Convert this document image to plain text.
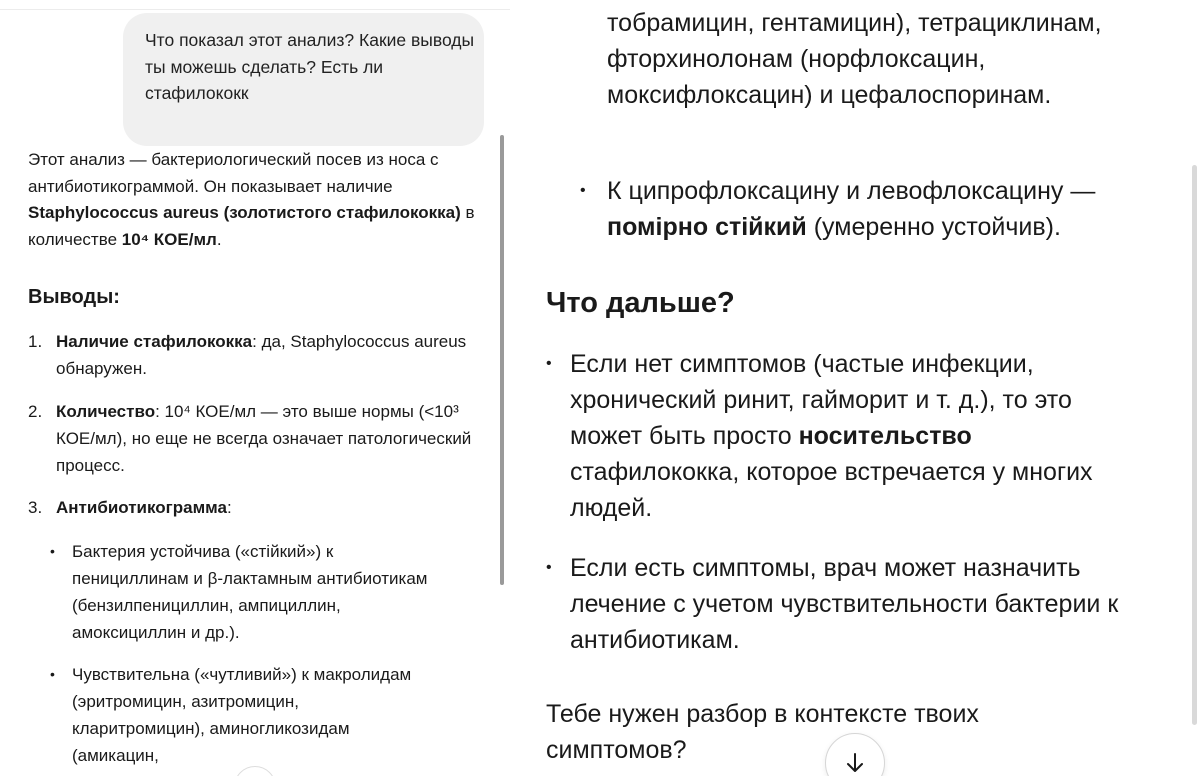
Что показал этот анализ? Какие выводы ты можешь сделать? Есть ли стафилококк
Этот анализ — бактериологический посев из носа с антибиотикограммой. Он показывает наличие Staphylococcus aureus (золотистого стафилококка) в количестве 10⁴ КОЕ/мл.
Выводы:
1. Наличие стафилококка: да, Staphylococcus aureus обнаружен.
2. Количество: 10⁴ КОЕ/мл — это выше нормы (<10³ КОЕ/мл), но еще не всегда означает патологический процесс.
3. Антибиотикограмма:
• Бактерия устойчива («стійкий») к пенициллинам и β-лактамным антибиотикам (бензилпенициллин, ампициллин, амоксициллин и др.).
• Чувствительна («чутливий») к макролидам (эритромицин, азитромицин, кларитромицин), аминогликозидам (амикацин,
тобрамицин, гентамицин), тетрациклинам, фторхинолонам (норфлоксацин, моксифлоксацин) и цефалоспоринам.
• К ципрофлоксацину и левофлоксацину —
помірно стійкий (умеренно устойчив).
Что дальше?
• Если нет симптомов (частые инфекции, хронический ринит, гайморит и т. д.), то это может быть просто носительство стафилококка, которое встречается у многих людей.
• Если есть симптомы, врач может назначить лечение с учетом чувствительности бактерии к антибиотикам.
Тебе нужен разбор в контексте твоих симптомов?
